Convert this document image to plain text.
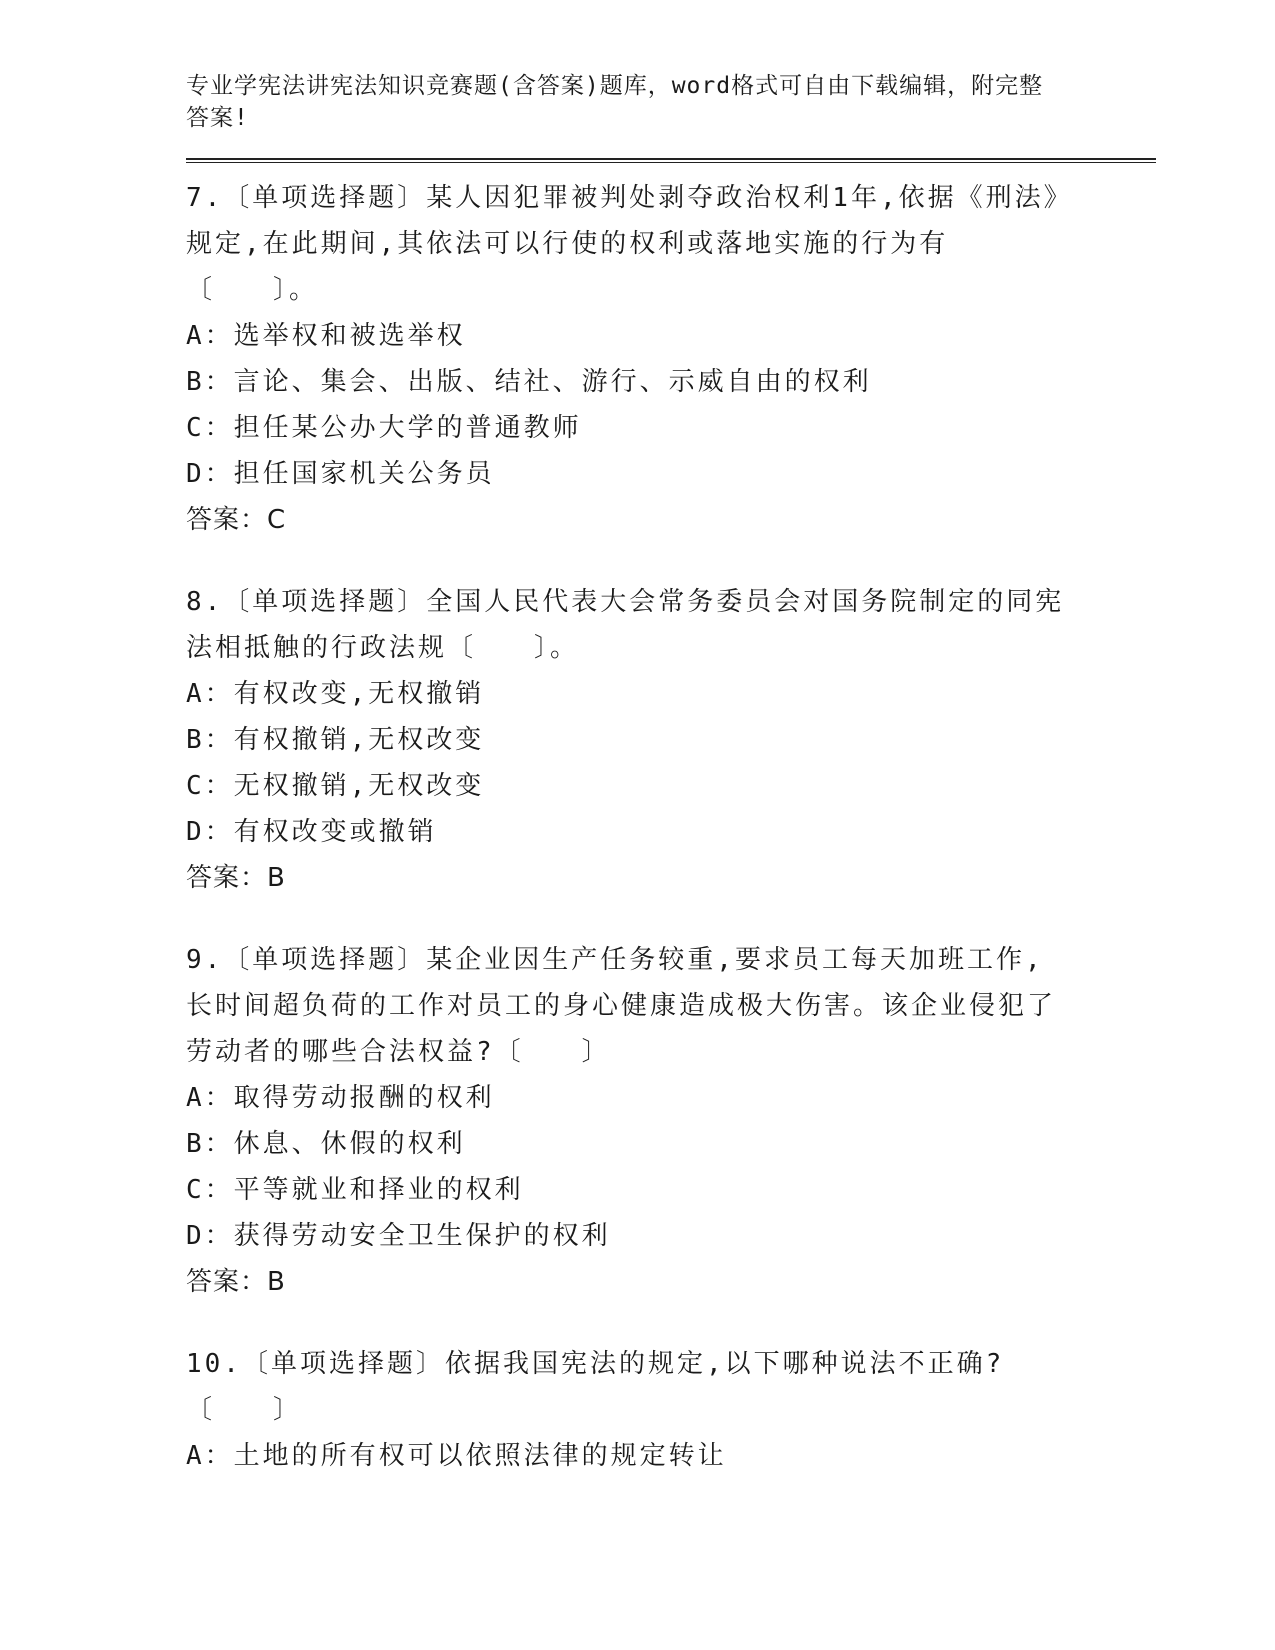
专业学宪法讲宪法知识竞赛题(含答案)题库，word格式可自由下载编辑，附完整答案!
7.〔单项选择题〕某人因犯罪被判处剥夺政治权利1年,依据《刑法》规定,在此期间,其依法可以行使的权利或落地实施的行为有〔　　〕。
A：选举权和被选举权
B：言论、集会、出版、结社、游行、示威自由的权利
C：担任某公办大学的普通教师
D：担任国家机关公务员
答案：C
8.〔单项选择题〕全国人民代表大会常务委员会对国务院制定的同宪法相抵触的行政法规〔　　〕。
A：有权改变,无权撤销
B：有权撤销,无权改变
C：无权撤销,无权改变
D：有权改变或撤销
答案：B
9.〔单项选择题〕某企业因生产任务较重,要求员工每天加班工作,长时间超负荷的工作对员工的身心健康造成极大伤害。该企业侵犯了劳动者的哪些合法权益?〔　　〕
A：取得劳动报酬的权利
B：休息、休假的权利
C：平等就业和择业的权利
D：获得劳动安全卫生保护的权利
答案：B
10.〔单项选择题〕依据我国宪法的规定,以下哪种说法不正确?〔　　〕
A：土地的所有权可以依照法律的规定转让
